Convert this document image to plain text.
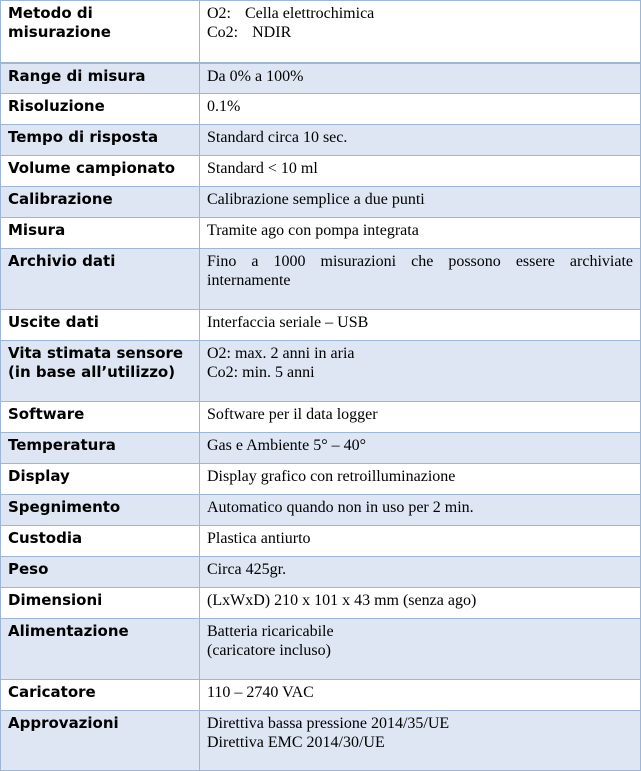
Metodo di
misurazione	O2: Cella elettrochimica
Co2: NDIR

Range di misura	Da 0% a 100%
Risoluzione	0.1%
Tempo di risposta	Standard circa 10 sec.
Volume campionato	Standard < 10 ml
Calibrazione	Calibrazione semplice a due punti
Misura	Tramite ago con pompa integrata
Archivio dati	Fino a 1000 misurazioni che possono essere archiviate internamente
Uscite dati	Interfaccia seriale – USB

Vita stimata sensore
(in base all’utilizzo)	O2: max. 2 anni in aria
Co2: min. 5 anni

Software	Software per il data logger
Temperatura	Gas e Ambiente 5° – 40°
Display	Display grafico con retroilluminazione
Spegnimento	Automatico quando non in uso per 2 min.
Custodia	Plastica antiurto
Peso	Circa 425gr.
Dimensioni	(LxWxD) 210 x 101 x 43 mm (senza ago)
Alimentazione	Batteria ricaricabile
(caricatore incluso)

Caricatore	110 – 2740 VAC
Approvazioni	Direttiva bassa pressione 2014/35/UE
Direttiva EMC 2014/30/UE
